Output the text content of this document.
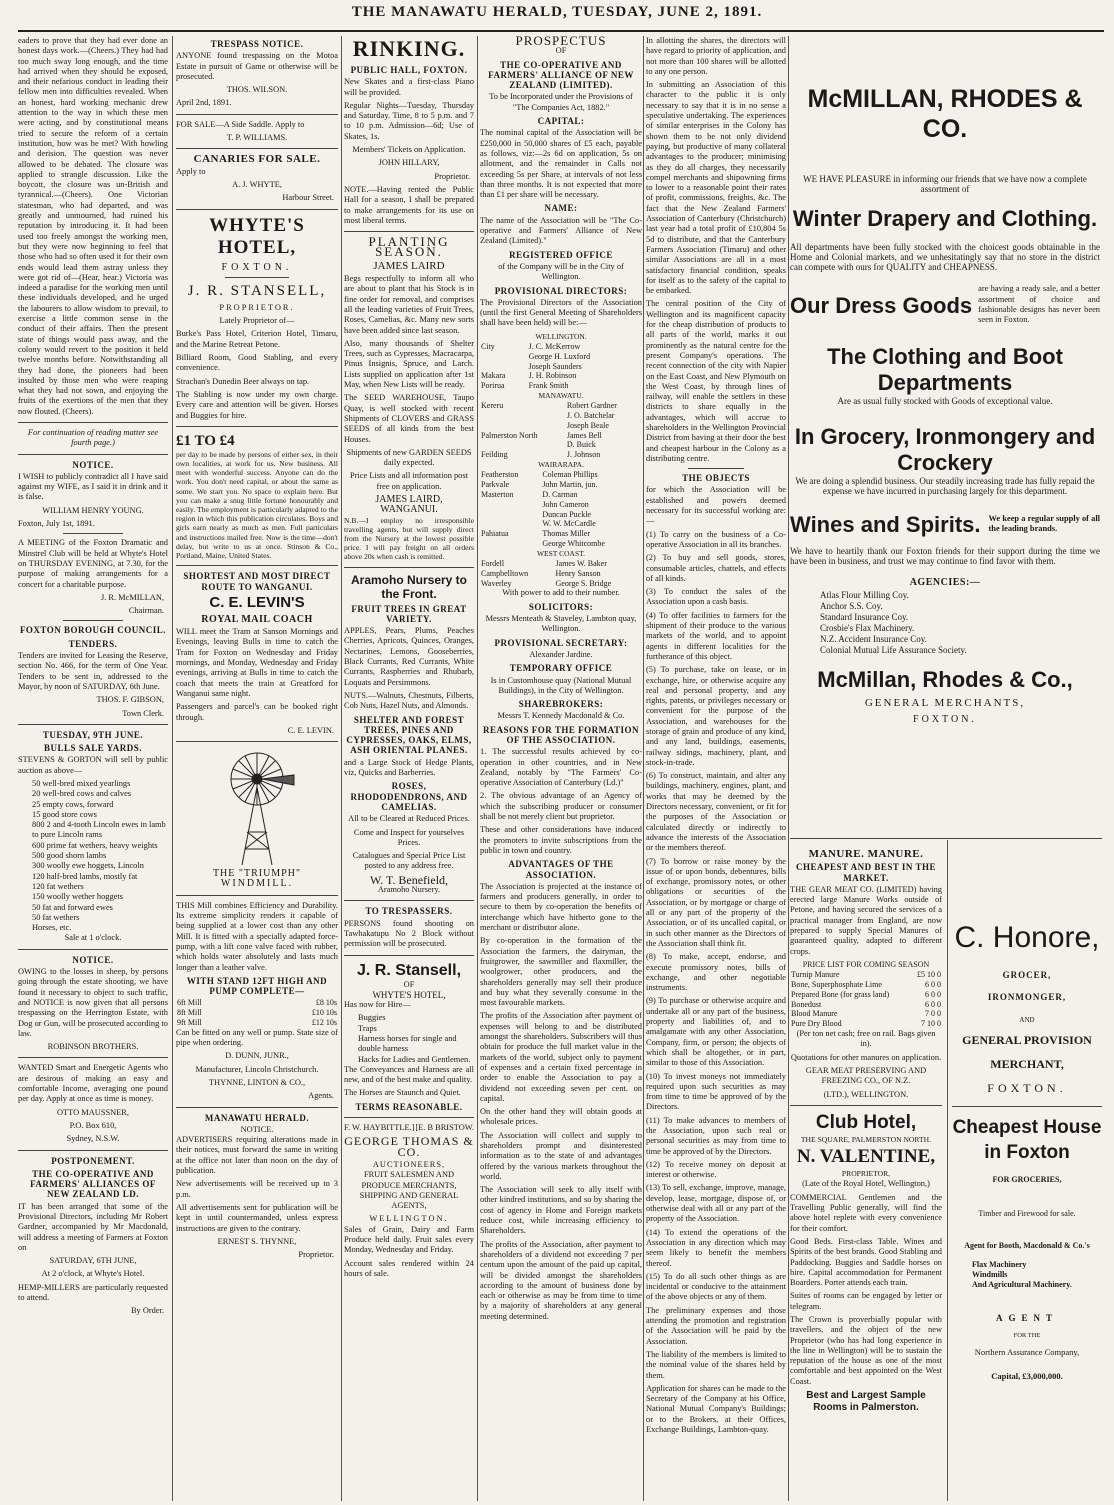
THE MANAWATU HERALD, TUESDAY, JUNE 2, 1891.

eaders to prove that they had ever done an honest days work.—(Cheers.) They had had too much sway long enough, and the time had arrived when they should be exposed, and their nefarious conduct in leading their fellow men into difficulties revealed. When an honest, hard working mechanic drew attention to the way in which these men were acting, and by constitutional means tried to secure the reform of a certain institution, how was he met? With howling and derision. The question was never allowed to be debated. The closure was applied to strangle discussion. Like the boycott, the closure was un-British and tyrannical.—(Cheers). One Victorian statesman, who had departed, and was greatly and unmourned, had ruined his reputation by introducing it. It had been used too freely amongst the working men, but they were now beginning to feel that those who had so often used it for their own ends would lead them astray unless they were got rid of—(Hear, hear.) Victoria was indeed a paradise for the working men until these individuals developed, and he urged the labourers to allow wisdom to prevail, to exercise a little common sense in the conduct of their affairs. Then the present state of things would pass away, and the colony would revert to the position it held twelve months before. Notwithstanding all they had done, the pioneers had been insulted by those men who were reaping what they had not sown, and enjoying the fruits of the exertions of the men that they now flouted. (Cheers).

For continuation of reading matter see fourth page.)

NOTICE.

I WISH to publicly contradict all I have said against my WIFE, as I said it in drink and it is false.

WILLIAM HENRY YOUNG.

Foxton, July 1st, 1891.

A MEETING of the Foxton Dramatic and Minstrel Club will be held at Whyte's Hotel on THURSDAY EVENING, at 7.30, for the purpose of making arrangements for a concert for a charitable purpose.

J. R. McMILLAN,

Chairman.

FOXTON BOROUGH COUNCIL.
TENDERS.

Tenders are invited for Leasing the Reserve, section No. 466, for the term of One Year. Tenders to be sent in, addressed to the Mayor, by noon of SATURDAY, 6th June.

THOS. F. GIBSON,

Town Clerk.

TUESDAY, 9TH JUNE.
BULLS SALE YARDS.

STEVENS & GORTON will sell by public auction as above—

50 well-bred mixed yearlings

20 well-bred cows and calves

25 empty cows, forward

15 good store cows

800 2 and 4-tooth Lincoln ewes in lamb to pure Lincoln rams

600 prime fat wethers, heavy weights

500 good shorn lambs

300 woolly ewe hoggets, Lincoln

120 half-bred lambs, mostly fat

120 fat wethers

150 woolly wether hoggets

50 fat and forward ewes

50 fat wethers

Horses, etc.

Sale at 1 o'clock.

NOTICE.

OWING to the losses in sheep, by persons going through the estate shooting, we have found it necessary to object to such traffic, and NOTICE is now given that all persons trespassing on the Herrington Estate, with Dog or Gun, will be prosecuted according to law.

ROBINSON BROTHERS.

WANTED Smart and Energetic Agents who are desirous of making an easy and comfortable Income, averaging one pound per day. Apply at once as time is money.

OTTO MAUSSNER,

P.O. Box 610,

Sydney, N.S.W.

POSTPONEMENT.
THE CO-OPERATIVE AND FARMERS' ALLIANCES OF NEW ZEALAND LD.

IT has been arranged that some of the Provisional Directors, including Mr Robert Gardner, accompanied by Mr Macdonald, will address a meeting of Farmers at Foxton on

SATURDAY, 6TH JUNE,

At 2 o'clock, at Whyte's Hotel.

HEMP-MILLERS are particularly requested to attend.

By Order.

TRESPASS NOTICE.

ANYONE found trespassing on the Motoa Estate in pursuit of Game or otherwise will be prosecuted.

THOS. WILSON.

April 2nd, 1891.

FOR SALE—A Side Saddle. Apply to

T. P. WILLIAMS.

CANARIES FOR SALE.

Apply to

A. J. WHYTE,

Harbour Street.

WHYTE'S HOTEL,
FOXTON.
J. R. STANSELL,
PROPRIETOR.

Lately Proprietor of—

Burke's Pass Hotel, Criterion Hotel, Timaru, and the Marine Retreat Petone.

Billiard Room, Good Stabling, and every convenience.

Strachan's Dunedin Beer always on tap.

The Stabling is now under my own charge. Every care and attention will be given. Horses and Buggies for hire.

£1 TO £4

per day to be made by persons of either sex, in their own localities, at work for us. New business. All meet with wonderful success. Anyone can do the work. You don't need capital, or about the same as some. We start you. No space to explain here. But you can make a snug little fortune honourably and easily. The employment is particularly adapted to the region in which this publication circulates. Boys and girls earn nearly as much as men. Full particulars and instructions mailed free. Now is the time—don't delay, but write to us at once. Stinson & Co., Portland, Maine, United States.

SHORTEST AND MOST DIRECT ROUTE TO WANGANUI.
C. E. LEVIN'S
ROYAL MAIL COACH

WILL meet the Tram at Sanson Mornings and Evenings, leaving Bulls in time to catch the Tram for Foxton on Wednesday and Friday mornings, and Monday, Wednesday and Friday evenings, arriving at Bulls in time to catch the coach that meets the train at Greatford for Wanganui same night.

Passengers and parcel's can be booked right through.

C. E. LEVIN.

THE "TRIUMPH"
WINDMILL.

THIS Mill combines Efficiency and Durability. Its extreme simplicity renders it capable of being supplied at a lower cost than any other Mill. It is fitted with a specially adapted force-pump, with a lift cone valve faced with rubber, which holds water absolutely and lasts much longer than a leather valve.

WITH STAND 12FT HIGH AND PUMP COMPLETE—
6ft Mill	£8 10s
8ft Mill	£10 10s
9ft Mill	£12 10s

Can be fitted on any well or pump. State size of pipe when ordering.

D. DUNN, JUNR.,

Manufacturer, Lincoln Christchurch.

THYNNE, LINTON & CO.,

Agents.

MANAWATU HERALD.
NOTICE.

ADVERTISERS requiring alterations made in their notices, must forward the same in writing at the office not later than noon on the day of publication.

New advertisements will be received up to 3 p.m.

All advertisements sent for publication will be kept in until countermanded, unless express instructions are given to the contrary.

ERNEST S. THYNNE,

Proprietor.

RINKING.
PUBLIC HALL, FOXTON.

New Skates and a first-class Piano will be provided.

Regular Nights—Tuesday, Thursday and Saturday. Time, 8 to 5 p.m. and 7 to 10 p.m. Admission—6d; Use of Skates, 1s.

Members' Tickets on Application.

JOHN HILLARY,

Proprietor.

NOTE.—Having rented the Public Hall for a season, I shall be prepared to make arrangements for its use on most liberal terms.

PLANTING SEASON.
JAMES LAIRD

Begs respectfully to inform all who are about to plant that his Stock is in fine order for removal, and comprises all the leading varieties of Fruit Trees, Roses, Camelias, &c. Many new sorts have been added since last season.

Also, many thousands of Shelter Trees, such as Cypresses, Macracarpa, Pinus Insignis, Spruce, and Larch. Lists supplied on application after 1st May, when New Lists will be ready.

The SEED WAREHOUSE, Taupo Quay, is well stocked with recent Shipments of CLOVERS and GRASS SEEDS of all kinds from the best Houses.

Shipments of new GARDEN SEEDS daily expected.

Price Lists and all information post free on application.

JAMES LAIRD,
WANGANUI.

N.B.—I employ no irresponsible travelling agents, but will supply direct from the Nursery at the lowest possible price. I will pay freight on all orders above 20s when cash is remitted.

Aramoho Nursery to the Front.
FRUIT TREES IN GREAT VARIETY.

APPLES, Pears, Plums, Peaches Cherries, Apricots, Quinces, Oranges, Nectarines, Lemons, Gooseberries, Black Currants, Red Currants, White Currants, Raspberries and Rhubarb, Loquats and Persimmons.

NUTS.—Walnuts, Chestnuts, Filberts, Cob Nuts, Hazel Nuts, and Almonds.

SHELTER AND FOREST TREES, PINES AND CYPRESSES, OAKS, ELMS, ASH ORIENTAL PLANES.

and a Large Stock of Hedge Plants, viz, Quicks and Barberries.

ROSES, RHODODENDRONS, AND CAMELIAS.

All to be Cleared at Reduced Prices.

Come and Inspect for yourselves Prices.

Catalogues and Special Price List posted to any address free.

W. T. Benefield,

Aramoho Nursery.

TO TRESPASSERS.

PERSONS found shooting on Tawhakatupu No 2 Block without permission will be prosecuted.

J. R. Stansell,
OF
WHYTE'S HOTEL,

Has now for Hire—

Buggies

Traps

Harness horses for single and double harness

Hacks for Ladies and Gentlemen.

The Conveyances and Harness are all new, and of the best make and quality.

The Horses are Staunch and Quiet.

TERMS REASONABLE.
F. W. HAYBITTLE.] [E. B BRISTOW.
GEORGE THOMAS & CO.
AUCTIONEERS,

FRUIT SALESMEN AND PRODUCE MERCHANTS, SHIPPING AND GENERAL AGENTS,

WELLINGTON.

Sales of Grain, Dairy and Farm Produce held daily. Fruit sales every Monday, Wednesday and Friday.

Account sales rendered within 24 hours of sale.

PROSPECTUS
OF
THE CO-OPERATIVE AND FARMERS' ALLIANCE OF NEW ZEALAND (LIMITED).

To be Incorporated under the Provisions of "The Companies Act, 1882."

CAPITAL:

The nominal capital of the Association will be £250,000 in 50,000 shares of £5 each, payable as follows, viz:—2s 6d on application, 5s on allotment, and the remainder in Calls not exceeding 5s per Share, at intervals of not less than three months. It is not expected that more than £1 per share will be necessary.

NAME:

The name of the Association will be "The Co-operative and Farmers' Alliance of New Zealand (Limited)."

REGISTERED OFFICE

of the Company will be in the City of Wellington.

PROVISIONAL DIRECTORS:

The Provisional Directors of the Association (until the first General Meeting of Shareholders shall have been held) will be:—

WELLINGTON.
City	J. C. McKerrow
	George H. Luxford
	Joseph Saunders
Makara	J. H. Robinson
Porirua	Frank Smith
MANAWATU.
Kereru	Robert Gardner
	J. O. Batchelar
	Joseph Beale
Palmerston North	James Bell
	D. Buick
Feilding	J. Johnson
WAIRARAPA.
Featherston	Coleman Phillips
Parkvale	John Martin, jun.
Masterton	D. Carman
	John Cameron
	Duncan Puckle
	W. W. McCardle
Pahiatua	Thomas Miller
	George Whitcombe
WEST COAST.
Fordell	James W. Baker
Campbelltown	Henry Sanson
Waverley	George S. Bridge

With power to add to their number.

SOLICITORS:

Messrs Menteath & Staveley, Lambton quay, Wellington.

PROVISIONAL SECRETARY:

Alexander Jardine.

TEMPORARY OFFICE

Is in Customhouse quay (National Mutual Buildings), in the City of Wellington.

SHAREBROKERS:

Messrs T. Kennedy Macdonald & Co.

REASONS FOR THE FORMATION OF THE ASSOCIATION.

1. The successful results achieved by co-operation in other countries, and in New Zealand, notably by "The Farmers' Co-operative Association of Canterbury (Ld.)"

2. The obvious advantage of an Agency of which the subscribing producer or consumer shall be not merely client but proprietor.

These and other considerations have induced the promoters to invite subscriptions from the public in town and country.

ADVANTAGES OF THE ASSOCIATION.

The Association is projected at the instance of farmers and producers generally, in order to secure to them by co-operation the benefits of interchange which have hitherto gone to the merchant or distributor alone.

By co-operation in the formation of the Association the farmers, the dairyman, the fruitgrower, the sawmiller and flaxmiller, the woolgrower, other producers, and the shareholders generally may sell their produce and buy what they severally consume in the most favourable markets.

The profits of the Association after payment of expenses will belong to and be distributed amongst the shareholders. Subscribers will thus obtain for produce the full market value in the markets of the world, subject only to payment of expenses and a certain fixed percentage in order to enable the Association to pay a dividend not exceeding seven per cent. on capital.

On the other hand they will obtain goods at wholesale prices.

The Association will collect and supply to shareholders prompt and disinterested information as to the state of and advantages offered by the various markets throughout the world.

The Association will seek to ally itself with other kindred institutions, and so by sharing the cost of agency in Home and Foreign markets reduce cost, while increasing efficiency to Shareholders.

The profits of the Association, after payment to shareholders of a dividend not exceeding 7 per centum upon the amount of the paid up capital, will be divided amongst the shareholders according to the amount of business done by each or otherwise as may be from time to time by a majority of shareholders at any general meeting determined.

In allotting the shares, the directors will have regard to priority of application, and not more than 100 shares will be allotted to any one person.

In submitting an Association of this character to the public it is only necessary to say that it is in no sense a speculative undertaking. The experiences of similar enterprises in the Colony has shown them to be not only dividend paying, but productive of many collateral advantages to the producer; minimising as they do all charges, they necessarily compel merchants and shipowning firms to lower to a reasonable point their rates of profit, commissions, freights, &c. The fact that the New Zealand Farmers' Association of Canterbury (Christchurch) last year had a total profit of £10,804 5s 5d to distribute, and that the Canterbury Farmers Association (Timaru) and other similar Associations are all in a most satisfactory financial condition, speaks for itself as to the safety of the capital to be embarked.

The central position of the City of Wellington and its magnificent capacity for the cheap distribution of products to all parts of the world, marks it out prominently as the natural centre for the present Company's operations. The recent connection of the city with Napier on the East Coast, and New Plymouth on the West Coast, by through lines of railway, will enable the settlers in these districts to share equally in the advantages, which will accrue to shareholders in the Wellington Provincial District from having at their door the best and cheapest harbour in the Colony as a distributing centre.

THE OBJECTS

for which the Association will be established and powers deemed necessary for its successful working are:—

(1) To carry on the business of a Co-operative Association in all its branches.

(2) To buy and sell goods, stores, consumable articles, chattels, and effects of all kinds.

(3) To conduct the sales of the Association upon a cash basis.

(4) To offer facilities to farmers for the shipment of their produce to the various markets of the world, and to appoint agents in different localities for the furtherance of this object.

(5) To purchase, take on lease, or in exchange, hire, or otherwise acquire any real and personal property, and any rights, patents, or privileges necessary or convenient for the purpose of the Association, and warehouses for the storage of grain and produce of any kind, and any land, buildings, easements, railway sidings, machinery, plant, and stock-in-trade.

(6) To construct, maintain, and alter any buildings, machinery, engines, plant, and works that may be deemed by the Directors necessary, convenient, or fit for the purposes of the Association or calculated directly or indirectly to advance the interests of the Association or the members thereof.

(7) To borrow or raise money by the issue of or upon bonds, debentures, bills of exchange, promissory notes, or other obligations or securities of the Association, or by mortgage or charge of all or any part of the property of the Association, or of its uncalled capital, or in such other manner as the Directors of the Association shall think fit.

(8) To make, accept, endorse, and execute promissory notes, bills of exchange, and other negotiable instruments.

(9) To purchase or otherwise acquire and undertake all or any part of the business, property and liabilities of, and to amalgamate with any other Association, Company, firm, or person; the objects of which shall be altogether, or in part, similar to those of this Association.

(10) To invest moneys not immediately required upon such securities as may from time to time be approved of by the Directors.

(11) To make advances to members of the Association, upon such real or personal securities as may from time to time be approved of by the Directors.

(12) To receive money on deposit at interest or otherwise.

(13) To sell, exchange, improve, manage, develop, lease, mortgage, dispose of, or otherwise deal with all or any part of the property of the Association.

(14) To extend the operations of the Association in any direction which may seem likely to benefit the members thereof.

(15) To do all such other things as are incidental or conducive to the attainment of the above objects or any of them.

The preliminary expenses and those attending the promotion and registration of the Association will be paid by the Association.

The liability of the members is limited to the nominal value of the shares held by them.

Application for shares can be made to the Secretary of the Company at his Office, National Mutual Company's Buildings; or to the Brokers, at their Offices, Exchange Buildings, Lambton-quay.

McMILLAN, RHODES & CO.

WE HAVE PLEASURE in informing our friends that we have now a complete assortment of

Winter Drapery and Clothing.

All departments have been fully stocked with the choicest goods obtainable in the Home and Colonial markets, and we unhesitatingly say that no store in the district can compete with ours for QUALITY and CHEAPNESS.

Our Dress Goods
are having a ready sale, and a better assortment of choice and fashionable designs has never been seen in Foxton.
The Clothing and Boot Departments

Are as usual fully stocked with Goods of exceptional value.

In Grocery, Ironmongery and Crockery

We are doing a splendid business. Our steadily increasing trade has fully repaid the expense we have incurred in purchasing largely for this department.

Wines and Spirits. We keep a regular supply of all the leading brands.

We have to heartily thank our Foxton friends for their support during the time we have been in business, and trust we may continue to find favor with them.

AGENCIES:—
Atlas Flour Milling Coy.
Anchor S.S. Coy.
Standard Insurance Coy.
Crosbie's Flax Machinery.
N.Z. Accident Insurance Coy.
Colonial Mutual Life Assurance Society.
McMillan, Rhodes & Co.,
GENERAL MERCHANTS,
FOXTON.
MANURE. MANURE.
CHEAPEST AND BEST IN THE MARKET.

THE GEAR MEAT CO. (LIMITED) having erected large Manure Works outside of Petone, and having secured the services of a practical manager from England, are now prepared to supply Special Manures of guaranteed quality, adapted to different crops.

PRICE LIST FOR COMING SEASON
Turnip Manure	£5 10 0
Bone, Superphosphate Lime	6 0 0
Prepared Bone (for grass land)	6 0 0
Bonedust	6 0 0
Blood Manure	7 0 0
Pure Dry Blood	7 10 0

(Per ton net cash; free on rail. Bags given in).

Quotations for other manures on application.

GEAR MEAT PRESERVING AND FREEZING CO., OF N.Z.

(LTD.), WELLINGTON.

Club Hotel,
THE SQUARE, PALMERSTON NORTH.
N. VALENTINE,
PROPRIETOR,

(Late of the Royal Hotel, Wellington,)

COMMERCIAL Gentlemen and the Travelling Public generally, will find the above hotel replete with every convenience for their comfort.

Good Beds. First-class Table. Wines and Spirits of the best brands. Good Stabling and Paddocking. Buggies and Saddle horses on hire. Capital accommodation for Permanent Boarders. Porter attends each train.

Suites of rooms can be engaged by letter or telegram.

The Crown is proverbially popular with travellers, and the object of the new Proprietor (who has had long experience in the line in Wellington) will be to sustain the reputation of the house as one of the most comfortable and best appointed on the West Coast.

Best and Largest Sample Rooms in Palmerston.
C. Honore,
GROCER,
IRONMONGER,
AND
GENERAL PROVISION
MERCHANT,
FOXTON.
Cheapest House in Foxton
FOR GROCERIES,
Timber and Firewood for sale.
Agent for Booth, Macdonald & Co.'s
Flax Machinery
Windmills
And Agricultural Machinery.
AGENT
FOR THE
Northern Assurance Company,
Capital, £3,000,000.
